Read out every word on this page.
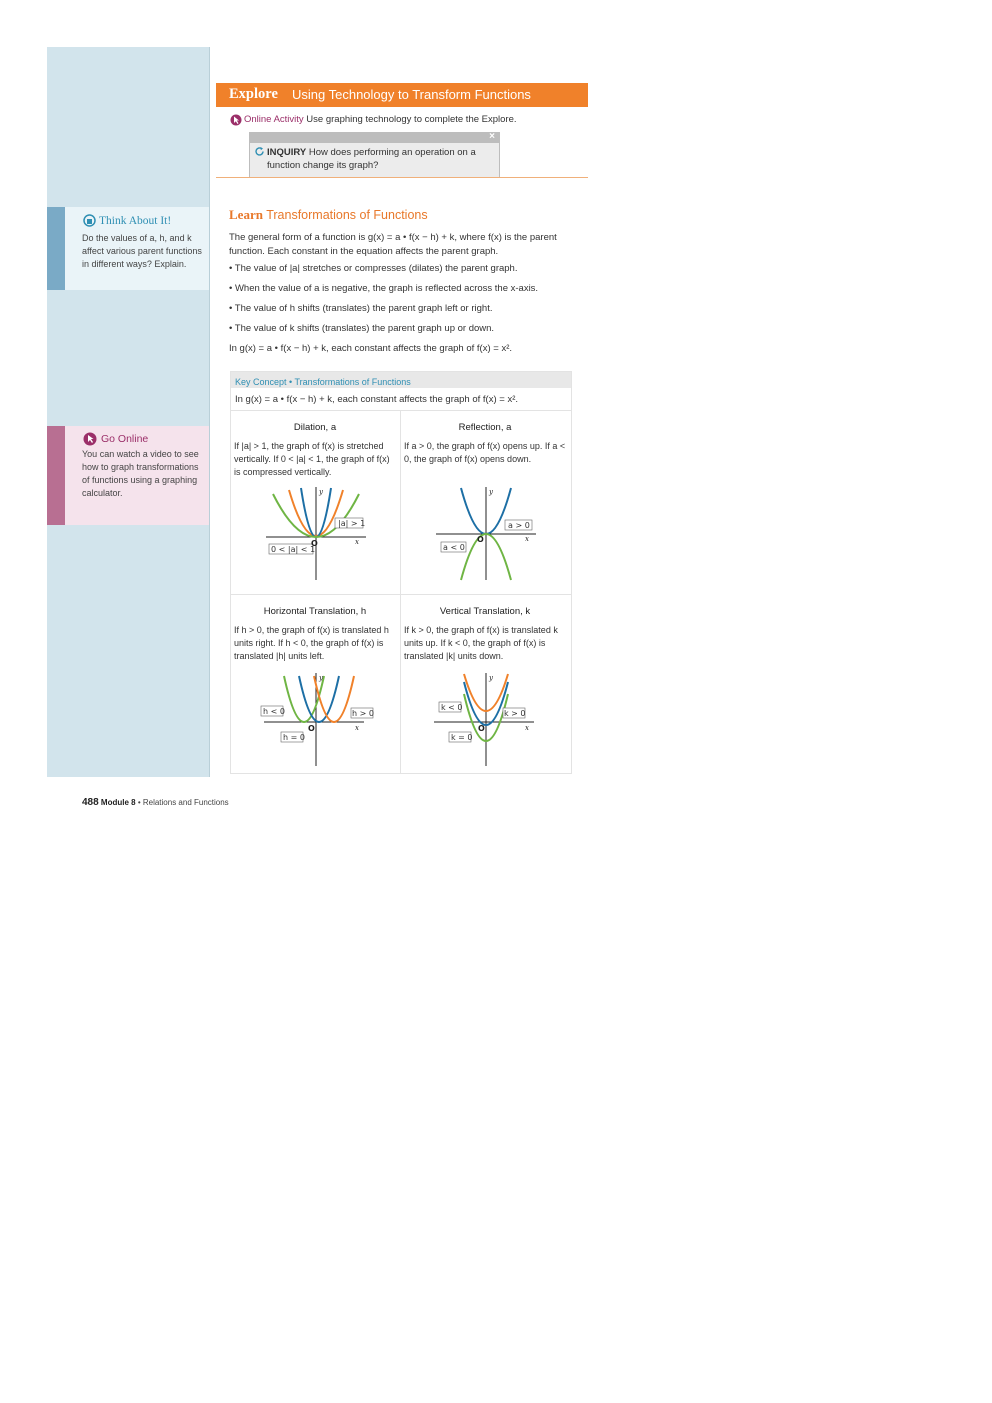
Think About It!
Do the values of a, h, and k affect various parent functions in different ways? Explain.
Go Online
You can watch a video to see how to graph transformations of functions using a graphing calculator.
Explore Using Technology to Transform Functions
Online Activity Use graphing technology to complete the Explore.
×
INQUIRY How does performing an operation on a function change its graph?
Learn Transformations of Functions
The general form of a function is g(x) = a • f(x − h) + k, where f(x) is the parent function. Each constant in the equation affects the parent graph.
• The value of |a| stretches or compresses (dilates) the parent graph.
• When the value of a is negative, the graph is reflected across the x-axis.
• The value of h shifts (translates) the parent graph left or right.
• The value of k shifts (translates) the parent graph up or down.
In g(x) = a • f(x − h) + k, each constant affects the graph of f(x) = x².
Key Concept • Transformations of Functions
In g(x) = a • f(x − h) + k, each constant affects the graph of f(x) = x².
Dilation, a
If |a| > 1, the graph of f(x) is stretched vertically. If 0 < |a| < 1, the graph of f(x) is compressed vertically.
|a| > 1
0 < |a| < 1
O	x
y
Reflection, a
If a > 0, the graph of f(x) opens up. If a < 0, the graph of f(x) opens down.
a > 0
a < 0
O	x
y
Horizontal Translation, h
If h > 0, the graph of f(x) is translated h units right. If h < 0, the graph of f(x) is translated |h| units left.
h < 0	h > 0
h = 0
O	x
y
Vertical Translation, k
If k > 0, the graph of f(x) is translated k units up. If k < 0, the graph of f(x) is translated |k| units down.
k < 0
k > 0
k = 0
O	x
y
488 Module 8 • Relations and Functions
